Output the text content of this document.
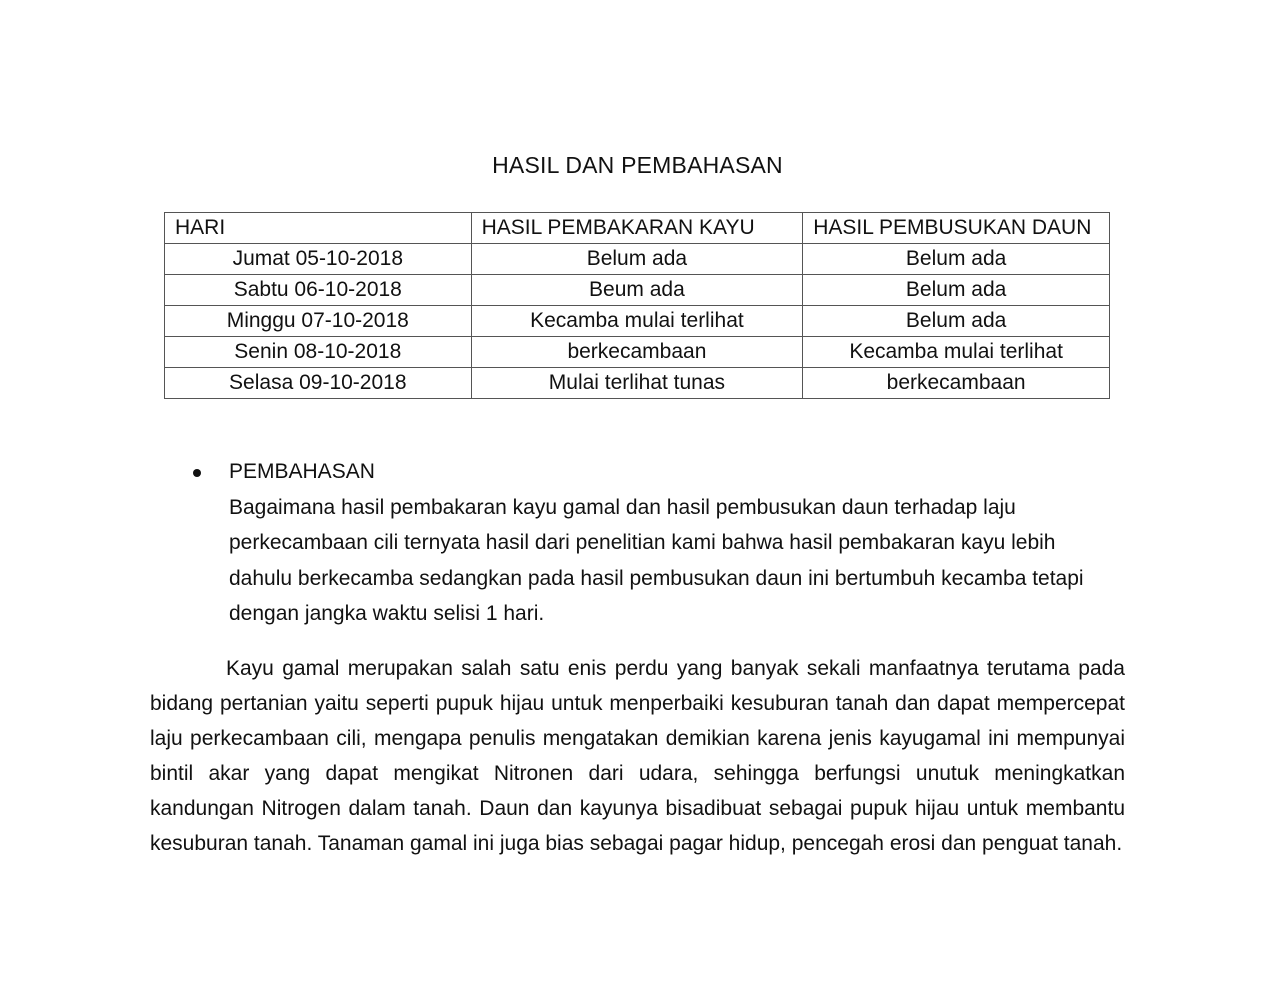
HASIL DAN PEMBAHASAN
HARI	HASIL PEMBAKARAN KAYU	HASIL PEMBUSUKAN DAUN
Jumat 05-10-2018	Belum ada	Belum ada
Sabtu 06-10-2018	Beum ada	Belum ada
Minggu 07-10-2018	Kecamba mulai terlihat	Belum ada
Senin 08-10-2018	berkecambaan	Kecamba mulai terlihat
Selasa 09-10-2018	Mulai terlihat tunas	berkecambaan
PEMBAHASAN
Bagaimana hasil pembakaran kayu gamal dan hasil pembusukan daun terhadap laju perkecambaan cili ternyata hasil dari penelitian kami bahwa hasil pembakaran kayu lebih dahulu berkecamba sedangkan pada hasil pembusukan daun ini bertumbuh kecamba tetapi dengan jangka waktu selisi 1 hari.
Kayu gamal merupakan salah satu enis perdu yang banyak sekali manfaatnya terutama pada bidang pertanian yaitu seperti pupuk hijau untuk menperbaiki kesuburan tanah dan dapat mempercepat laju perkecambaan cili, mengapa penulis mengatakan demikian karena jenis kayugamal ini mempunyai bintil akar yang dapat mengikat Nitronen dari udara, sehingga berfungsi unutuk meningkatkan kandungan Nitrogen dalam tanah. Daun dan kayunya bisadibuat sebagai pupuk hijau untuk membantu kesuburan tanah. Tanaman gamal ini juga bias sebagai pagar hidup, pencegah erosi dan penguat tanah.
